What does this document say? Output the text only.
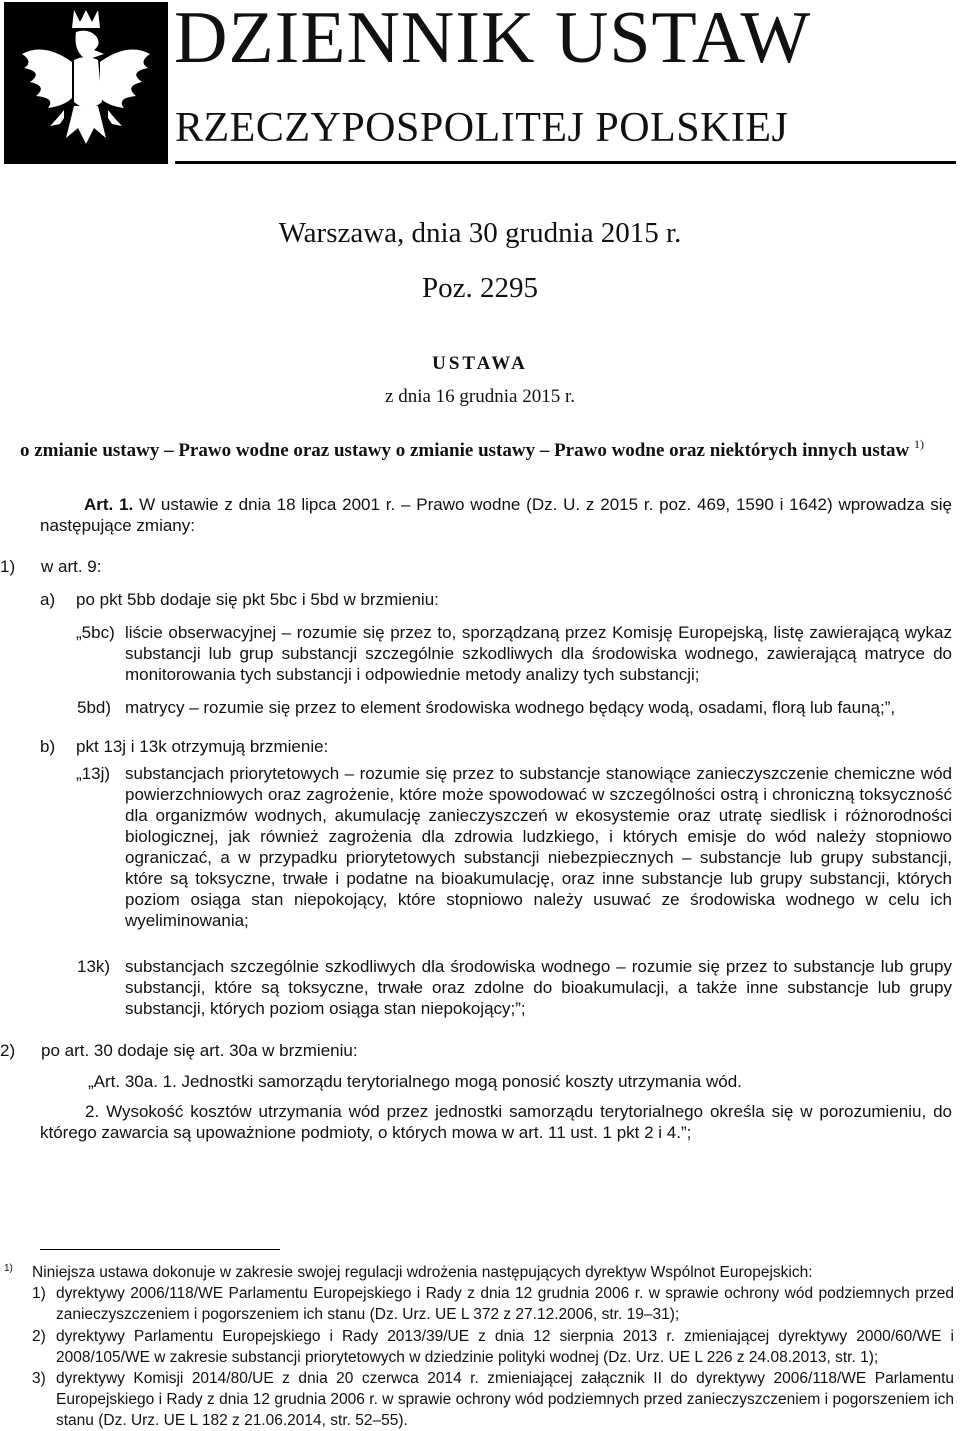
DZIENNIK USTAW
RZECZYPOSPOLITEJ POLSKIEJ
Warszawa, dnia 30 grudnia 2015 r.
Poz. 2295
USTAWA
z dnia 16 grudnia 2015 r.
o zmianie ustawy – Prawo wodne oraz ustawy o zmianie ustawy – Prawo wodne oraz niektórych innych ustaw $^{1)}$
Art. 1. W ustawie z dnia 18 lipca 2001 r. – Prawo wodne (Dz. U. z 2015 r. poz. 469, 1590 i 1642) wprowadza się następujące zmiany:
1) w art. 9:
a) po pkt 5bb dodaje się pkt 5bc i 5bd w brzmieniu:
„5bc) liście obserwacyjnej – rozumie się przez to, sporządzaną przez Komisję Europejską, listę zawierającą wykaz substancji lub grup substancji szczególnie szkodliwych dla środowiska wodnego, zawierającą matryce do monitorowania tych substancji i odpowiednie metody analizy tych substancji;
5bd) matrycy – rozumie się przez to element środowiska wodnego będący wodą, osadami, florą lub fauną;”,
b) pkt 13j i 13k otrzymują brzmienie:
„13j) substancjach priorytetowych – rozumie się przez to substancje stanowiące zanieczyszczenie chemiczne wód powierzchniowych oraz zagrożenie, które może spowodować w szczególności ostrą i chroniczną toksyczność dla organizmów wodnych, akumulację zanieczyszczeń w ekosystemie oraz utratę siedlisk i różnorodności biologicznej, jak również zagrożenia dla zdrowia ludzkiego, i których emisje do wód należy stopniowo ograniczać, a w przypadku priorytetowych substancji niebezpiecznych – substancje lub grupy substancji, które są toksyczne, trwałe i podatne na bioakumulację, oraz inne substancje lub grupy substancji, których poziom osiąga stan niepokojący, które stopniowo należy usuwać ze środowiska wodnego w celu ich wyeliminowania;
13k) substancjach szczególnie szkodliwych dla środowiska wodnego – rozumie się przez to substancje lub grupy substancji, które są toksyczne, trwałe oraz zdolne do bioakumulacji, a także inne substancje lub grupy substancji, których poziom osiąga stan niepokojący;”;
2) po art. 30 dodaje się art. 30a w brzmieniu:
„Art. 30a. 1. Jednostki samorządu terytorialnego mogą ponosić koszty utrzymania wód.
2. Wysokość kosztów utrzymania wód przez jednostki samorządu terytorialnego określa się w porozumieniu, do którego zawarcia są upoważnione podmioty, o których mowa w art. 11 ust. 1 pkt 2 i 4.”;
$^{1)}$ Niniejsza ustawa dokonuje w zakresie swojej regulacji wdrożenia następujących dyrektyw Wspólnot Europejskich:
1) dyrektywy 2006/118/WE Parlamentu Europejskiego i Rady z dnia 12 grudnia 2006 r. w sprawie ochrony wód podziemnych przed zanieczyszczeniem i pogorszeniem ich stanu (Dz. Urz. UE L 372 z 27.12.2006, str. 19–31);
2) dyrektywy Parlamentu Europejskiego i Rady 2013/39/UE z dnia 12 sierpnia 2013 r. zmieniającej dyrektywy 2000/60/WE i 2008/105/WE w zakresie substancji priorytetowych w dziedzinie polityki wodnej (Dz. Urz. UE L 226 z 24.08.2013, str. 1);
3) dyrektywy Komisji 2014/80/UE z dnia 20 czerwca 2014 r. zmieniającej załącznik II do dyrektywy 2006/118/WE Parlamentu Europejskiego i Rady z dnia 12 grudnia 2006 r. w sprawie ochrony wód podziemnych przed zanieczyszczeniem i pogorszeniem ich stanu (Dz. Urz. UE L 182 z 21.06.2014, str. 52–55).
